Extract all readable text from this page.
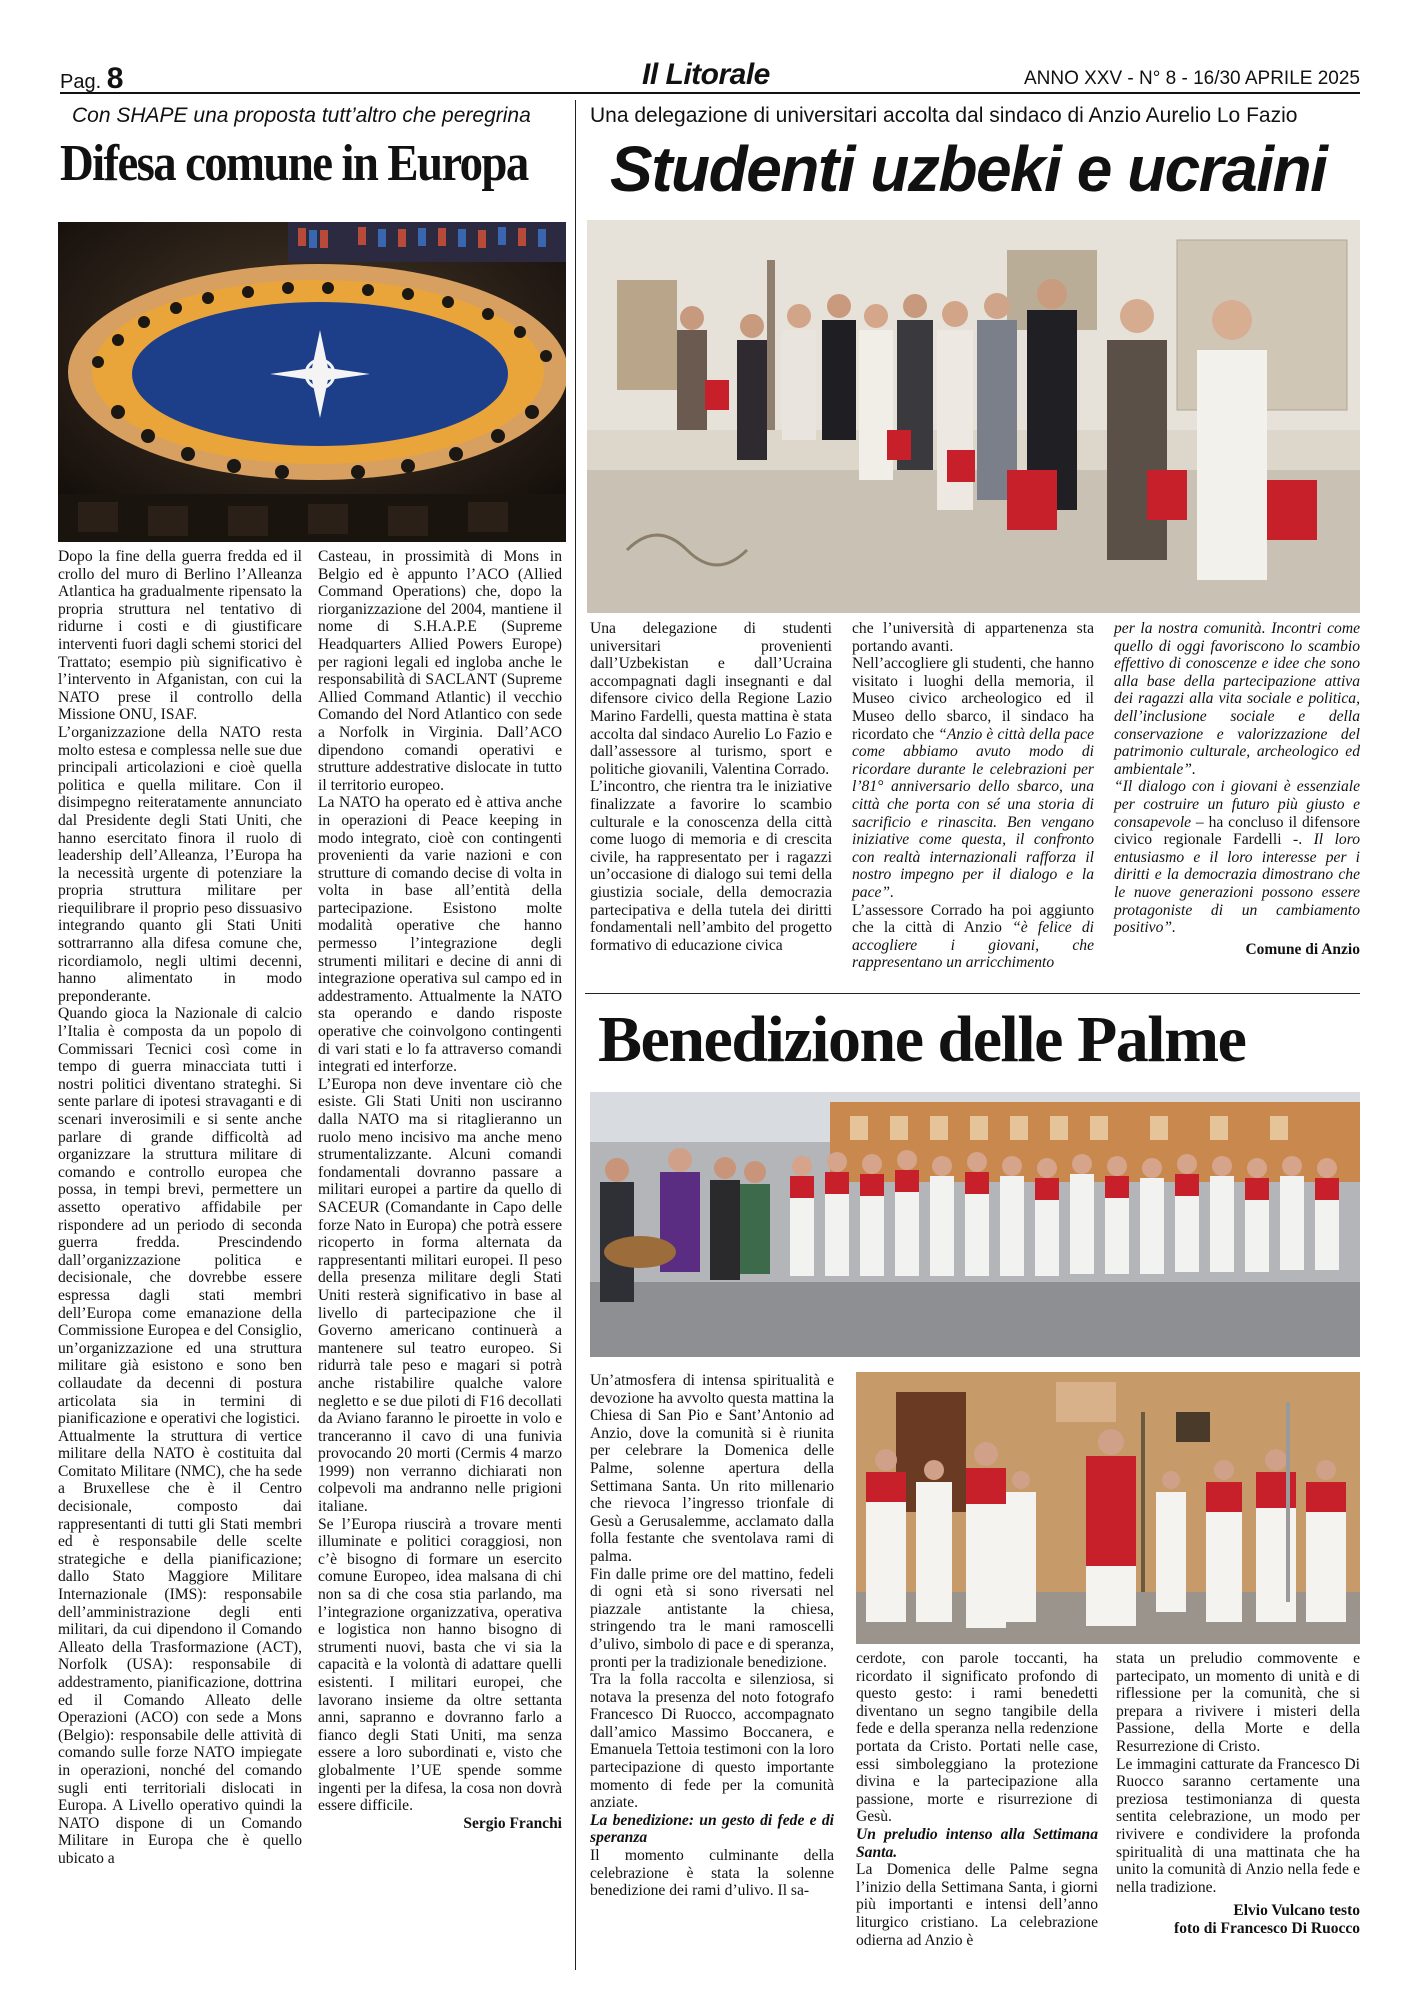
Pag. 8	Il Litorale	ANNO XXV - N° 8 - 16/30 APRILE 2025
Con SHAPE una proposta tutt’altro che peregrina
Difesa comune in Europa

Dopo la fine della guerra fredda ed il crollo del muro di Berlino l’Alleanza Atlantica ha gradualmente ripensato la propria struttura nel tentativo di ridurne i costi e di giustificare interventi fuori dagli schemi storici del Trattato; esempio più significativo è l’intervento in Afganistan, con cui la NATO prese il controllo della Missione ONU, ISAF.

L’organizzazione della NATO resta molto estesa e complessa nelle sue due principali articolazioni e cioè quella politica e quella militare. Con il disimpegno reiteratamente annunciato dal Presidente degli Stati Uniti, che hanno esercitato finora il ruolo di leadership dell’Alleanza, l’Europa ha la necessità urgente di potenziare la propria struttura militare per riequilibrare il proprio peso dissuasivo integrando quanto gli Stati Uniti sottrarranno alla difesa comune che, ricordiamolo, negli ultimi decenni, hanno alimentato in modo preponderante.

Quando gioca la Nazionale di calcio l’Italia è composta da un popolo di Commissari Tecnici così come in tempo di guerra minacciata tutti i nostri politici diventano strateghi. Si sente parlare di ipotesi stravaganti e di scenari inverosimili e si sente anche parlare di grande difficoltà ad organizzare la struttura militare di comando e controllo europea che possa, in tempi brevi, permettere un assetto operativo affidabile per rispondere ad un periodo di seconda guerra fredda. Prescindendo dall’organizzazione politica e decisionale, che dovrebbe essere espressa dagli stati membri dell’Europa come emanazione della Commissione Europea e del Consiglio, un’organizzazione ed una struttura militare già esistono e sono ben collaudate da decenni di postura articolata sia in termini di pianificazione e operativi che logistici.

Attualmente la struttura di vertice militare della NATO è costituita dal Comitato Militare (NMC), che ha sede a Bruxellese che è il Centro decisionale, composto dai rappresentanti di tutti gli Stati membri ed è responsabile delle scelte strategiche e della pianificazione; dallo Stato Maggiore Militare Internazionale (IMS): responsabile dell’amministrazione degli enti militari, da cui dipendono il Comando Alleato della Trasformazione (ACT), Norfolk (USA): responsabile di addestramento, pianificazione, dottrina ed il Comando Alleato delle Operazioni (ACO) con sede a Mons (Belgio): responsabile delle attività di comando sulle forze NATO impiegate in operazioni, nonché del comando sugli enti territoriali dislocati in Europa. A Livello operativo quindi la NATO dispone di un Comando Militare in Europa che è quello ubicato a

Casteau, in prossimità di Mons in Belgio ed è appunto l’ACO (Allied Command Operations) che, dopo la riorganizzazione del 2004, mantiene il nome di S.H.A.P.E (Supreme Headquarters Allied Powers Europe) per ragioni legali ed ingloba anche le responsabilità di SACLANT (Supreme Allied Command Atlantic) il vecchio Comando del Nord Atlantico con sede a Norfolk in Virginia. Dall’ACO dipendono comandi operativi e strutture addestrative dislocate in tutto il territorio europeo.

La NATO ha operato ed è attiva anche in operazioni di Peace keeping in modo integrato, cioè con contingenti provenienti da varie nazioni e con strutture di comando decise di volta in volta in base all’entità della partecipazione. Esistono molte modalità operative che hanno permesso l’integrazione degli strumenti militari e decine di anni di integrazione operativa sul campo ed in addestramento. Attualmente la NATO sta operando e dando risposte operative che coinvolgono contingenti di vari stati e lo fa attraverso comandi integrati ed interforze.

L’Europa non deve inventare ciò che esiste. Gli Stati Uniti non usciranno dalla NATO ma si ritaglieranno un ruolo meno incisivo ma anche meno strumentalizzante. Alcuni comandi fondamentali dovranno passare a militari europei a partire da quello di SACEUR (Comandante in Capo delle forze Nato in Europa) che potrà essere ricoperto in forma alternata da rappresentanti militari europei. Il peso della presenza militare degli Stati Uniti resterà significativo in base al livello di partecipazione che il Governo americano continuerà a mantenere sul teatro europeo. Si ridurrà tale peso e magari si potrà anche ristabilire qualche valore negletto e se due piloti di F16 decollati da Aviano faranno le piroette in volo e tranceranno il cavo di una funivia provocando 20 morti (Cermis 4 marzo 1999) non verranno dichiarati non colpevoli ma andranno nelle prigioni italiane.

Se l’Europa riuscirà a trovare menti illuminate e politici coraggiosi, non c’è bisogno di formare un esercito comune Europeo, idea malsana di chi non sa di che cosa stia parlando, ma l’integrazione organizzativa, operativa e logistica non hanno bisogno di strumenti nuovi, basta che vi sia la capacità e la volontà di adattare quelli esistenti. I militari europei, che lavorano insieme da oltre settanta anni, sapranno e dovranno farlo a fianco degli Stati Uniti, ma senza essere a loro subordinati e, visto che globalmente l’UE spende somme ingenti per la difesa, la cosa non dovrà essere difficile.

Sergio Franchi

Una delegazione di universitari accolta dal sindaco di Anzio Aurelio Lo Fazio
Studenti uzbeki e ucraini

Una delegazione di studenti universitari provenienti dall’Uzbekistan e dall’Ucraina accompagnati dagli insegnanti e dal difensore civico della Regione Lazio Marino Fardelli, questa mattina è stata accolta dal sindaco Aurelio Lo Fazio e dall’assessore al turismo, sport e politiche giovanili, Valentina Corrado.

L’incontro, che rientra tra le iniziative finalizzate a favorire lo scambio culturale e la conoscenza della città come luogo di memoria e di crescita civile, ha rappresentato per i ragazzi un’occasione di dialogo sui temi della giustizia sociale, della democrazia partecipativa e della tutela dei diritti fondamentali nell’ambito del progetto formativo di educazione civica

che l’università di appartenenza sta portando avanti.

Nell’accogliere gli studenti, che hanno visitato i luoghi della memoria, il Museo civico archeologico ed il Museo dello sbarco, il sindaco ha ricordato che “Anzio è città della pace come abbiamo avuto modo di ricordare durante le celebrazioni per l’81° anniversario dello sbarco, una città che porta con sé una storia di sacrificio e rinascita. Ben vengano iniziative come questa, il confronto con realtà internazionali rafforza il nostro impegno per il dialogo e la pace”.

L’assessore Corrado ha poi aggiunto che la città di Anzio “è felice di accogliere i giovani, che rappresentano un arricchimento

per la nostra comunità. Incontri come quello di oggi favoriscono lo scambio effettivo di conoscenze e idee che sono alla base della partecipazione attiva dei ragazzi alla vita sociale e politica, dell’inclusione sociale e della conservazione e valorizzazione del patrimonio culturale, archeologico ed ambientale”.

“Il dialogo con i giovani è essenziale per costruire un futuro più giusto e consapevole – ha concluso il difensore civico regionale Fardelli -. Il loro entusiasmo e il loro interesse per i diritti e la democrazia dimostrano che le nuove generazioni possono essere protagoniste di un cambiamento positivo”.

Comune di Anzio

Benedizione delle Palme

Un’atmosfera di intensa spiritualità e devozione ha avvolto questa mattina la Chiesa di San Pio e Sant’Antonio ad Anzio, dove la comunità si è riunita per celebrare la Domenica delle Palme, solenne apertura della Settimana Santa. Un rito millenario che rievoca l’ingresso trionfale di Gesù a Gerusalemme, acclamato dalla folla festante che sventolava rami di palma.

Fin dalle prime ore del mattino, fedeli di ogni età si sono riversati nel piazzale antistante la chiesa, stringendo tra le mani ramoscelli d’ulivo, simbolo di pace e di speranza, pronti per la tradizionale benedizione.

Tra la folla raccolta e silenziosa, si notava la presenza del noto fotografo Francesco Di Ruocco, accompagnato dall’amico Massimo Boccanera, e Emanuela Tettoia testimoni con la loro partecipazione di questo importante momento di fede per la comunità anziate.

La benedizione: un gesto di fede e di speranza

Il momento culminante della celebrazione è stata la solenne benedizione dei rami d’ulivo. Il sa-

cerdote, con parole toccanti, ha ricordato il significato profondo di questo gesto: i rami benedetti diventano un segno tangibile della fede e della speranza nella redenzione portata da Cristo. Portati nelle case, essi simboleggiano la protezione divina e la partecipazione alla passione, morte e risurrezione di Gesù.

Un preludio intenso alla Settimana Santa.

La Domenica delle Palme segna l’inizio della Settimana Santa, i giorni più importanti e intensi dell’anno liturgico cristiano. La celebrazione odierna ad Anzio è

stata un preludio commovente e partecipato, un momento di unità e di riflessione per la comunità, che si prepara a rivivere i misteri della Passione, della Morte e della Resurrezione di Cristo.

Le immagini catturate da Francesco Di Ruocco saranno certamente una preziosa testimonianza di questa sentita celebrazione, un modo per rivivere e condividere la profonda spiritualità di una mattinata che ha unito la comunità di Anzio nella fede e nella tradizione.

Elvio Vulcano testo

foto di Francesco Di Ruocco
